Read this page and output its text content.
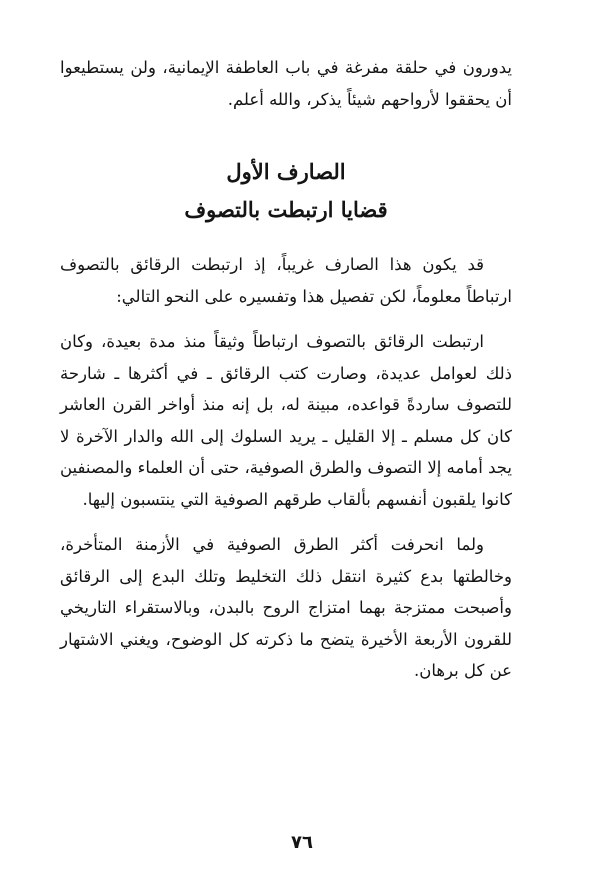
يدورون في حلقة مفرغة في باب العاطفة الإيمانية، ولن يستطيعوا أن يحققوا لأرواحهم شيئاً يذكر، والله أعلم.

الصارف الأول
قضايا ارتبطت بالتصوف

قد يكون هذا الصارف غريباً، إذ ارتبطت الرقائق بالتصوف ارتباطاً معلوماً، لكن تفصيل هذا وتفسيره على النحو التالي:

ارتبطت الرقائق بالتصوف ارتباطاً وثيقاً منذ مدة بعيدة، وكان ذلك لعوامل عديدة، وصارت كتب الرقائق ـ في أكثرها ـ شارحة للتصوف ساردةً قواعده، مبينة له، بل إنه منذ أواخر القرن العاشر كان كل مسلم ـ إلا القليل ـ يريد السلوك إلى الله والدار الآخرة لا يجد أمامه إلا التصوف والطرق الصوفية، حتى أن العلماء والمصنفين كانوا يلقبون أنفسهم بألقاب طرقهم الصوفية التي ينتسبون إليها.

ولما انحرفت أكثر الطرق الصوفية في الأزمنة المتأخرة، وخالطتها بدع كثيرة انتقل ذلك التخليط وتلك البدع إلى الرقائق وأصبحت ممتزجة بهما امتزاج الروح بالبدن، وبالاستقراء التاريخي للقرون الأربعة الأخيرة يتضح ما ذكرته كل الوضوح، ويغني الاشتهار عن كل برهان.

٧٦
